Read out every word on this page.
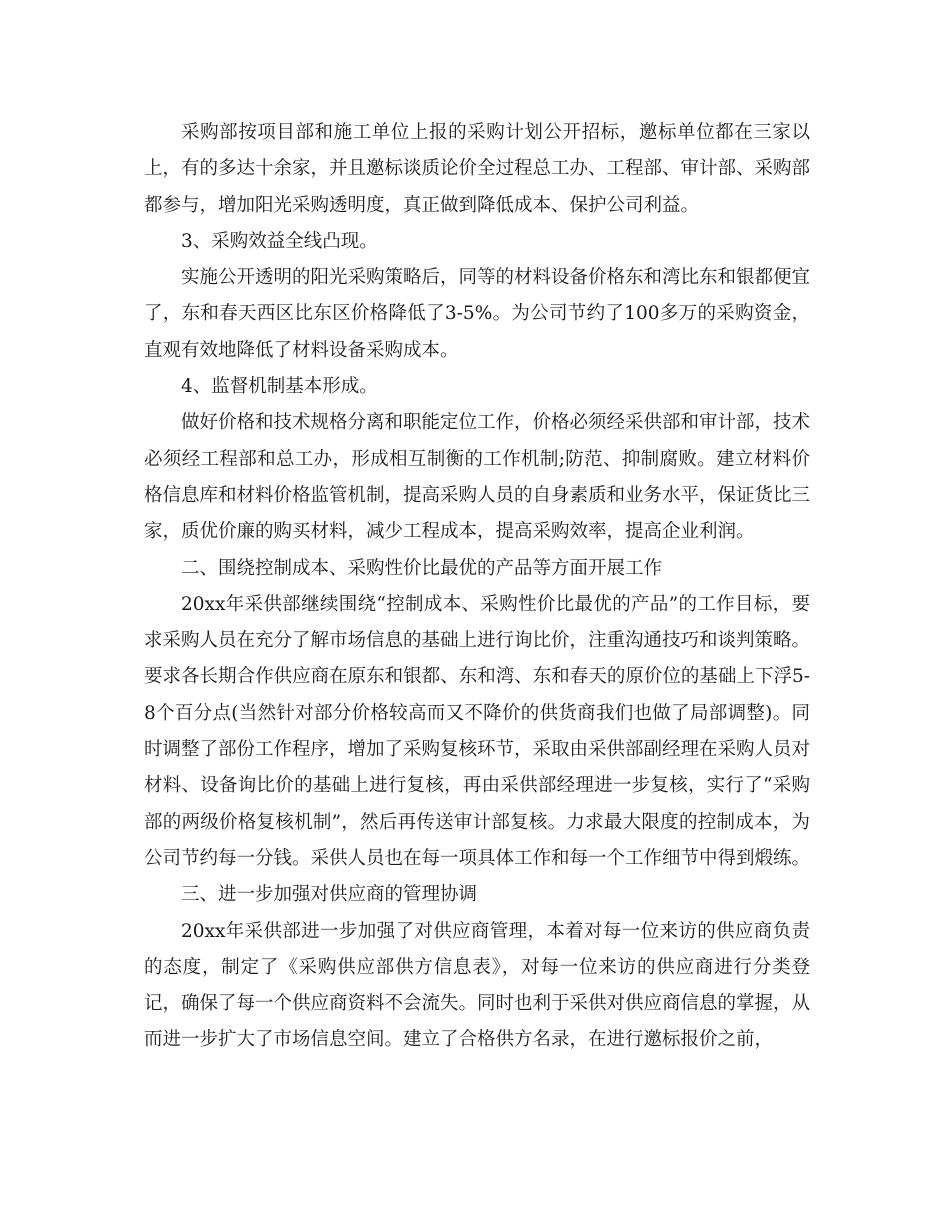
采购部按项目部和施工单位上报的采购计划公开招标，邀标单位都在三家以上，有的多达十余家，并且邀标谈质论价全过程总工办、工程部、审计部、采购部都参与，增加阳光采购透明度，真正做到降低成本、保护公司利益。

3、采购效益全线凸现。

实施公开透明的阳光采购策略后，同等的材料设备价格东和湾比东和银都便宜了，东和春天西区比东区价格降低了3-5%。为公司节约了100多万的采购资金，直观有效地降低了材料设备采购成本。

4、监督机制基本形成。

做好价格和技术规格分离和职能定位工作，价格必须经采供部和审计部，技术必须经工程部和总工办，形成相互制衡的工作机制;防范、抑制腐败。建立材料价格信息库和材料价格监管机制，提高采购人员的自身素质和业务水平，保证货比三家，质优价廉的购买材料，减少工程成本，提高采购效率，提高企业利润。

二、围绕控制成本、采购性价比最优的产品等方面开展工作

20xx年采供部继续围绕“控制成本、采购性价比最优的产品”的工作目标，要求采购人员在充分了解市场信息的基础上进行询比价，注重沟通技巧和谈判策略。要求各长期合作供应商在原东和银都、东和湾、东和春天的原价位的基础上下浮5-8个百分点(当然针对部分价格较高而又不降价的供货商我们也做了局部调整)。同时调整了部份工作程序，增加了采购复核环节，采取由采供部副经理在采购人员对材料、设备询比价的基础上进行复核，再由采供部经理进一步复核，实行了“采购部的两级价格复核机制”，然后再传送审计部复核。力求最大限度的控制成本，为公司节约每一分钱。采供人员也在每一项具体工作和每一个工作细节中得到煅练。

三、进一步加强对供应商的管理协调

20xx年采供部进一步加强了对供应商管理，本着对每一位来访的供应商负责的态度，制定了《采购供应部供方信息表》，对每一位来访的供应商进行分类登记，确保了每一个供应商资料不会流失。同时也利于采供对供应商信息的掌握，从而进一步扩大了市场信息空间。建立了合格供方名录，在进行邀标报价之前，
